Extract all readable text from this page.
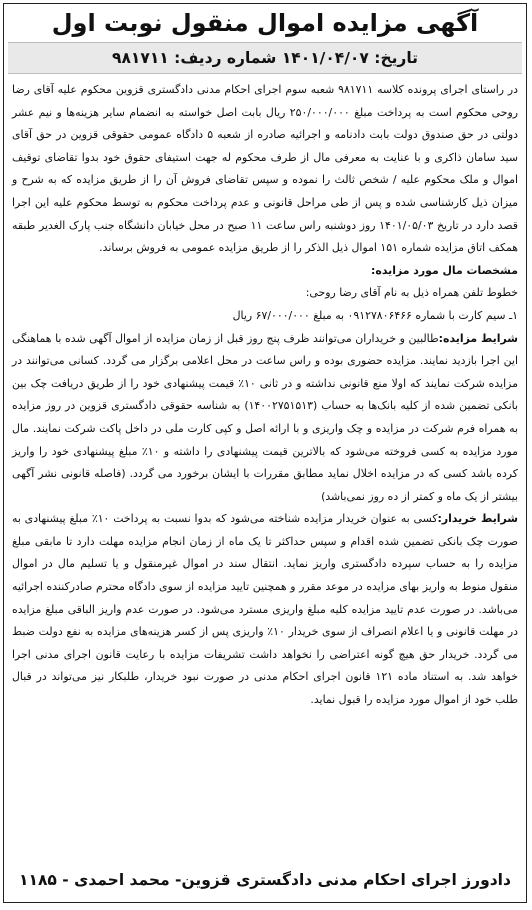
آگهی مزایده اموال منقول نوبت اول
تاریخ: ۱۴۰۱/۰۴/۰۷ شماره ردیف: ۹۸۱۷۱۱

در راستای اجرای پرونده کلاسه ۹۸۱۷۱۱ شعبه سوم اجرای احکام مدنی دادگستری قزوین محکوم علیه آقای رضا روحی محکوم است به پرداخت مبلغ ۲۵۰/۰۰۰/۰۰۰ ریال بابت اصل خواسته به انضمام سایر هزینه‌ها و نیم عشر دولتی در حق صندوق دولت بابت دادنامه و اجرائیه صادره از شعبه ۵ دادگاه عمومی حقوقی قزوین در حق آقای سید سامان ذاکری و با عنایت به معرفی مال از طرف محکوم له جهت استیفای حقوق خود بدوا تقاضای توقیف اموال و ملک محکوم علیه / شخص ثالث را نموده و سپس تقاضای فروش آن را از طریق مزایده که به شرح و میزان ذیل کارشناسی شده و پس از طی مراحل قانونی و عدم پرداخت محکوم به توسط محکوم علیه این اجرا قصد دارد در تاریخ ۱۴۰۱/۰۵/۰۳ روز دوشنبه راس ساعت ۱۱ صبح در محل خیابان دانشگاه جنب پارک الغدیر طبقه همکف اتاق مزایده شماره ۱۵۱ اموال ذیل الذکر را از طریق مزایده عمومی به فروش برساند.

مشخصات مال مورد مزایده:

خطوط تلفن همراه ذیل به نام آقای رضا روحی:

۱ـ سیم کارت با شماره ۰۹۱۲۷۸۰۶۴۶۶ به مبلغ ۶۷/۰۰۰/۰۰۰ ریال

شرایط مزایده:طالبین و خریداران می‌توانند ظرف پنج روز قبل از زمان مزایده از اموال آگهی شده با هماهنگی این اجرا بازدید نمایند. مزایده حضوری بوده و راس ساعت در محل اعلامی برگزار می گردد. کسانی می‌توانند در مزایده شرکت نمایند که اولا منع قانونی نداشته و در ثانی ۱۰٪ قیمت پیشنهادی خود را از طریق دریافت چک بین بانکی تضمین شده از کلیه بانک‌ها به حساب (۱۴۰۰۲۷۵۱۵۱۳) به شناسه حقوقی دادگستری قزوین در روز مزایده به همراه فرم شرکت در مزایده و چک واریزی و با ارائه اصل و کپی کارت ملی در داخل پاکت شرکت نمایند. مال مورد مزایده به کسی فروخته می‌شود که بالاترین قیمت پیشنهادی را داشته و ۱۰٪ مبلغ پیشنهادی خود را واریز کرده باشد کسی که در مزایده اخلال نماید مطابق مقررات با ایشان برخورد می گردد. (فاصله قانونی نشر آگهی بیشتر از یک ماه و کمتر از ده روز نمی‌باشد)

شرایط خریدار:کسی به عنوان خریدار مزایده شناخته می‌شود که بدوا نسبت به پرداخت ۱۰٪ مبلغ پیشنهادی به صورت چک بانکی تضمین شده اقدام و سپس حداکثر تا یک ماه از زمان انجام مزایده مهلت دارد تا مابقی مبلغ مزایده را به حساب سپرده دادگستری واریز نماید. انتقال سند در اموال غیرمنقول و یا تسلیم مال در اموال منقول منوط به واریز بهای مزایده در موعد مقرر و همچنین تایید مزایده از سوی دادگاه محترم صادرکننده اجرائیه می‌باشد. در صورت عدم تایید مزایده کلیه مبلغ واریزی مسترد می‌شود. در صورت عدم واریز الباقی مبلغ مزایده در مهلت قانونی و یا اعلام انصراف از سوی خریدار ۱۰٪ واریزی پس از کسر هزینه‌های مزایده به نفع دولت ضبط می گردد. خریدار حق هیچ گونه اعتراضی را نخواهد داشت تشریفات مزایده با رعایت قانون اجرای مدنی اجرا خواهد شد. به استناد ماده ۱۲۱ قانون اجرای احکام مدنی در صورت نبود خریدار، طلبکار نیز می‌تواند در قبال طلب خود از اموال مورد مزایده را قبول نماید.

دادورز اجرای احکام مدنی دادگستری قزوین- محمد احمدی - ۱۱۸۵
